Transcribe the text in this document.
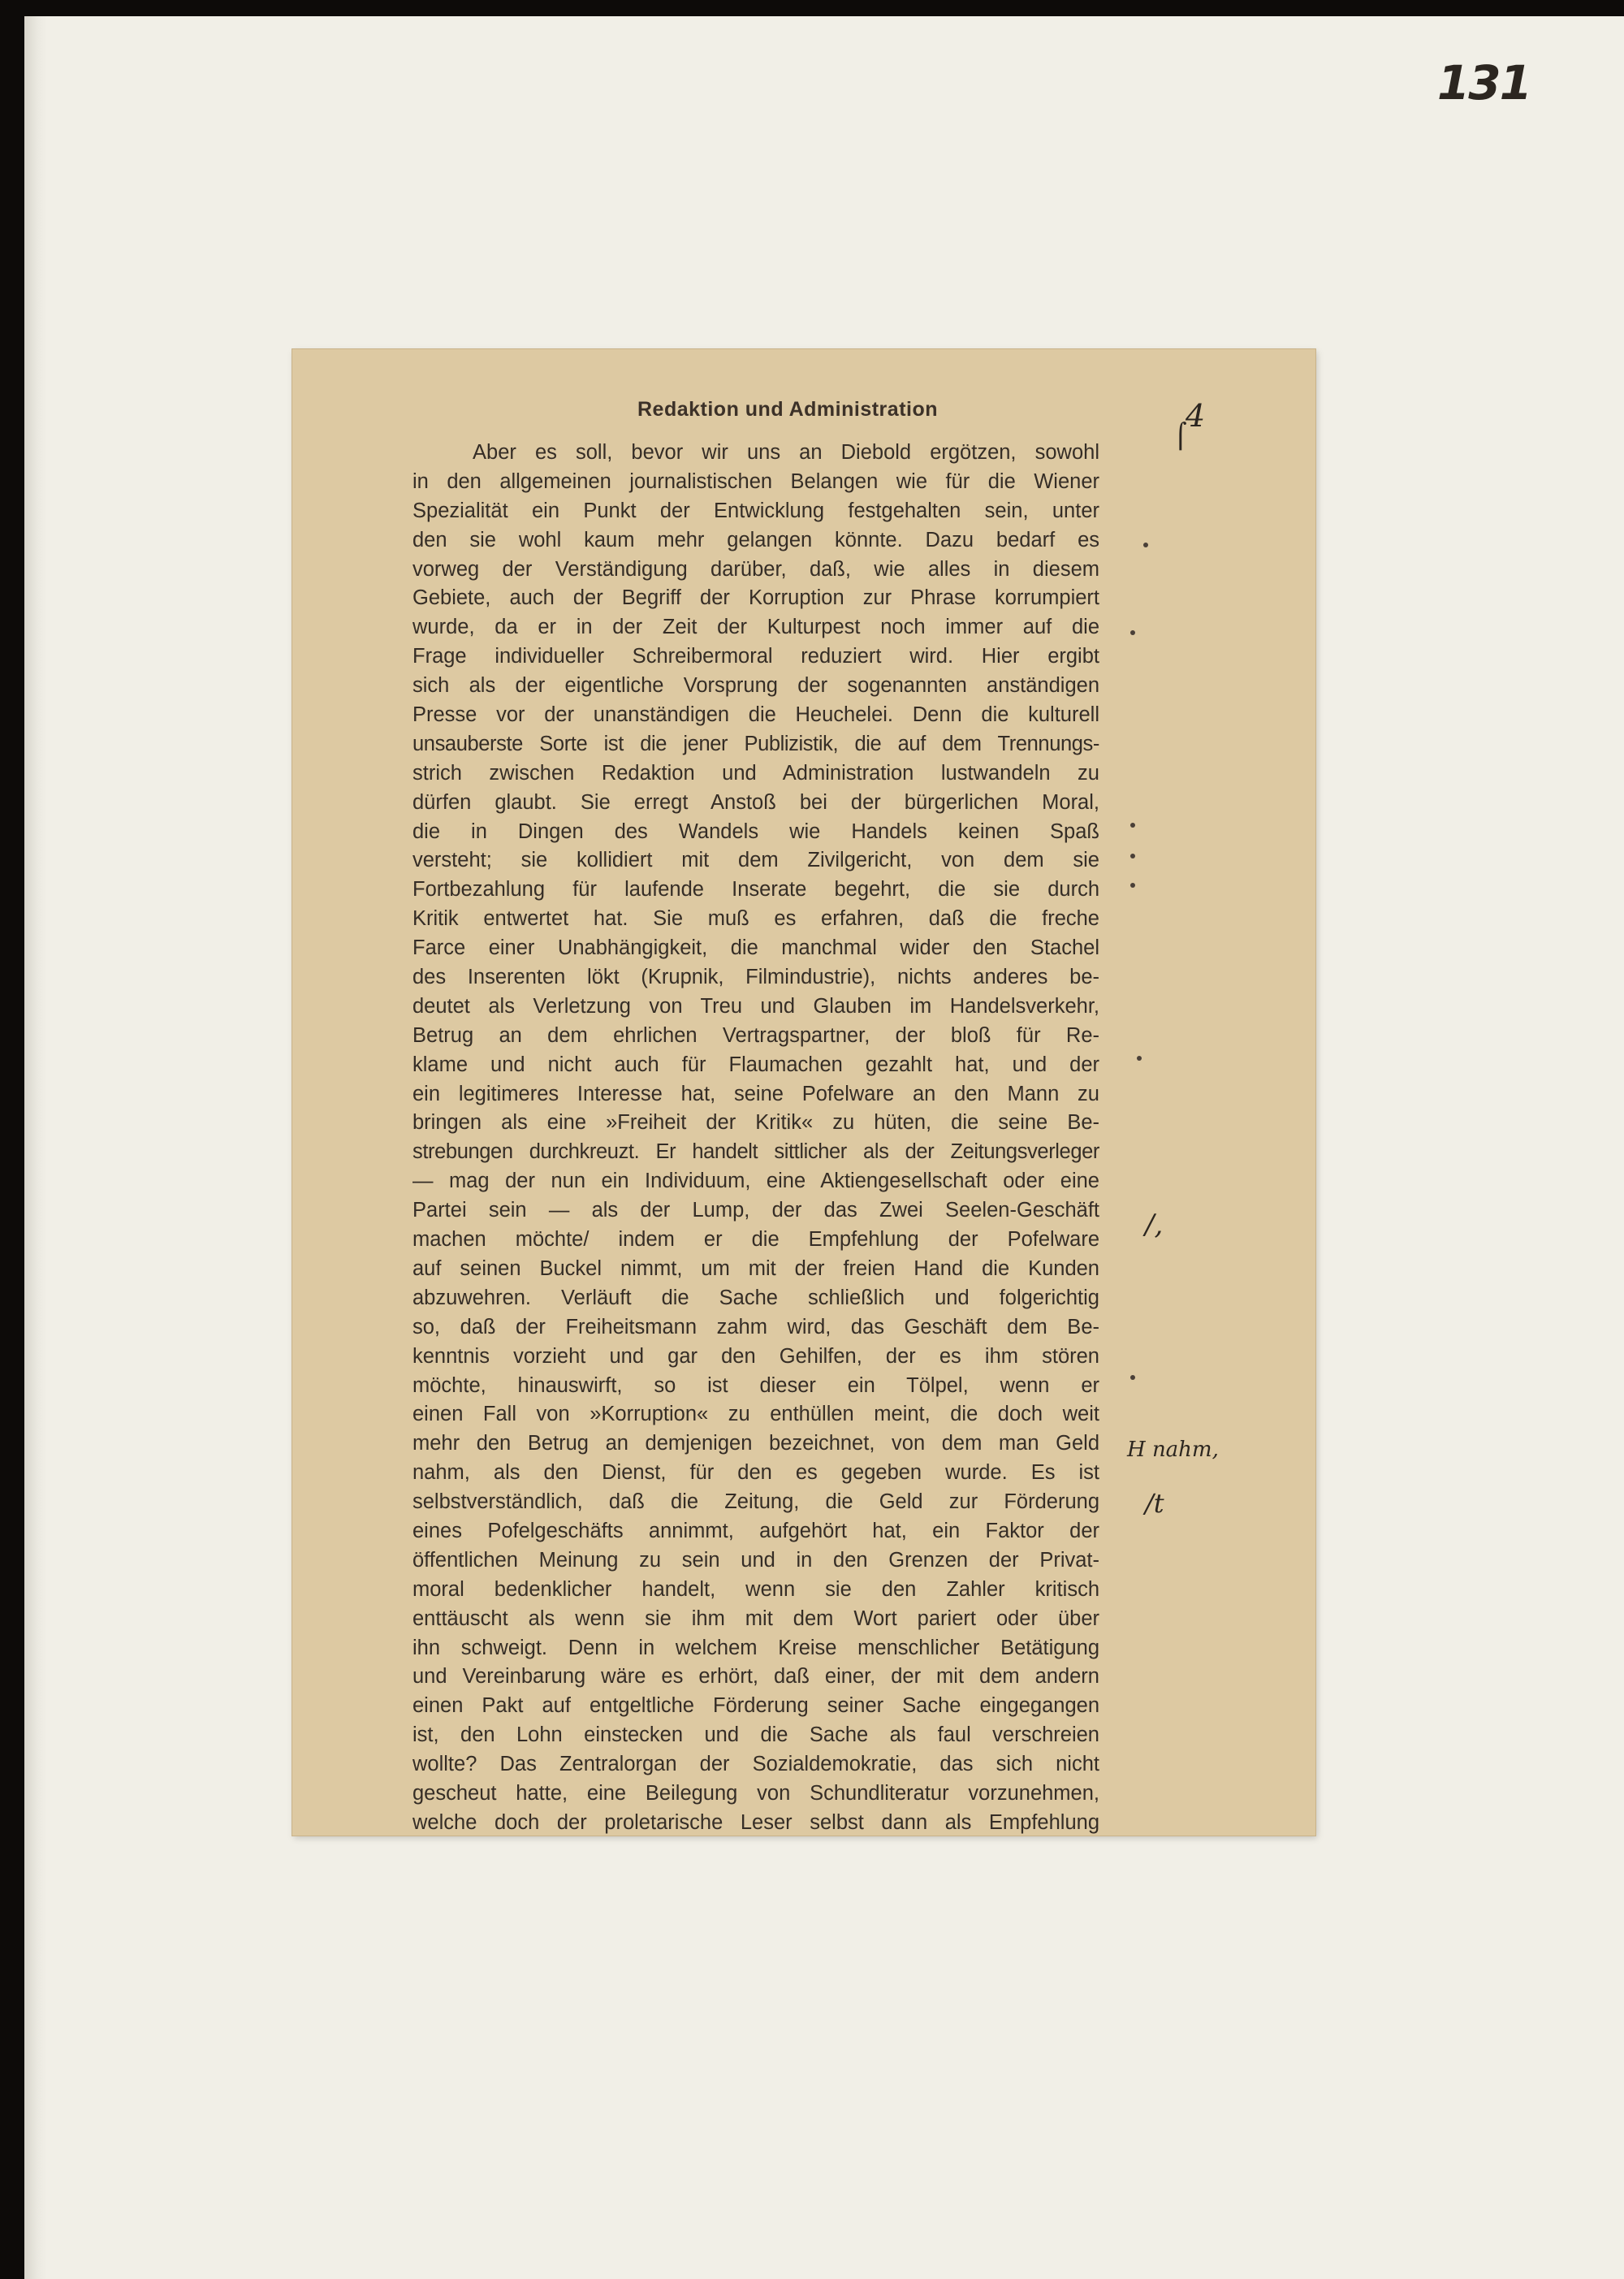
131
Redaktion und Administration
Aber es soll, bevor wir uns an Diebold ergötzen, sowohl
in den allgemeinen journalistischen Belangen wie für die Wiener
Spezialität ein Punkt der Entwicklung festgehalten sein, unter
den sie wohl kaum mehr gelangen könnte. Dazu bedarf es
vorweg der Verständigung darüber, daß, wie alles in diesem
Gebiete, auch der Begriff der Korruption zur Phrase korrumpiert
wurde, da er in der Zeit der Kulturpest noch immer auf die
Frage individueller Schreibermoral reduziert wird. Hier ergibt
sich als der eigentliche Vorsprung der sogenannten anständigen
Presse vor der unanständigen die Heuchelei. Denn die kulturell
unsauberste Sorte ist die jener Publizistik, die auf dem Trennungs-
strich zwischen Redaktion und Administration lustwandeln zu
dürfen glaubt. Sie erregt Anstoß bei der bürgerlichen Moral,
die in Dingen des Wandels wie Handels keinen Spaß
versteht; sie kollidiert mit dem Zivilgericht, von dem sie
Fortbezahlung für laufende Inserate begehrt, die sie durch
Kritik entwertet hat. Sie muß es erfahren, daß die freche
Farce einer Unabhängigkeit, die manchmal wider den Stachel
des Inserenten lökt (Krupnik, Filmindustrie), nichts anderes be-
deutet als Verletzung von Treu und Glauben im Handelsverkehr,
Betrug an dem ehrlichen Vertragspartner, der bloß für Re-
klame und nicht auch für Flaumachen gezahlt hat, und der
ein legitimeres Interesse hat, seine Pofelware an den Mann zu
bringen als eine »Freiheit der Kritik« zu hüten, die seine Be-
strebungen durchkreuzt. Er handelt sittlicher als der Zeitungsverleger
— mag der nun ein Individuum, eine Aktiengesellschaft oder eine
Partei sein — als der Lump, der das Zwei Seelen-Geschäft
machen möchte/ indem er die Empfehlung der Pofelware
auf seinen Buckel nimmt, um mit der freien Hand die Kunden
abzuwehren. Verläuft die Sache schließlich und folgerichtig
so, daß der Freiheitsmann zahm wird, das Geschäft dem Be-
kenntnis vorzieht und gar den Gehilfen, der es ihm stören
möchte, hinauswirft, so ist dieser ein Tölpel, wenn er
einen Fall von »Korruption« zu enthüllen meint, die doch weit
mehr den Betrug an demjenigen bezeichnet, von dem man Geld
nahm, als den Dienst, für den es gegeben wurde. Es ist
selbstverständlich, daß die Zeitung, die Geld zur Förderung
eines Pofelgeschäfts annimmt, aufgehört hat, ein Faktor der
öffentlichen Meinung zu sein und in den Grenzen der Privat-
moral bedenklicher handelt, wenn sie den Zahler kritisch
enttäuscht als wenn sie ihm mit dem Wort pariert oder über
ihn schweigt. Denn in welchem Kreise menschlicher Betätigung
und Vereinbarung wäre es erhört, daß einer, der mit dem andern
einen Pakt auf entgeltliche Förderung seiner Sache eingegangen
ist, den Lohn einstecken und die Sache als faul verschreien
wollte? Das Zentralorgan der Sozialdemokratie, das sich nicht
gescheut hatte, eine Beilegung von Schundliteratur vorzunehmen,
welche doch der proletarische Leser selbst dann als Empfehlung
4
⌠
/,
H nahm,
/t
